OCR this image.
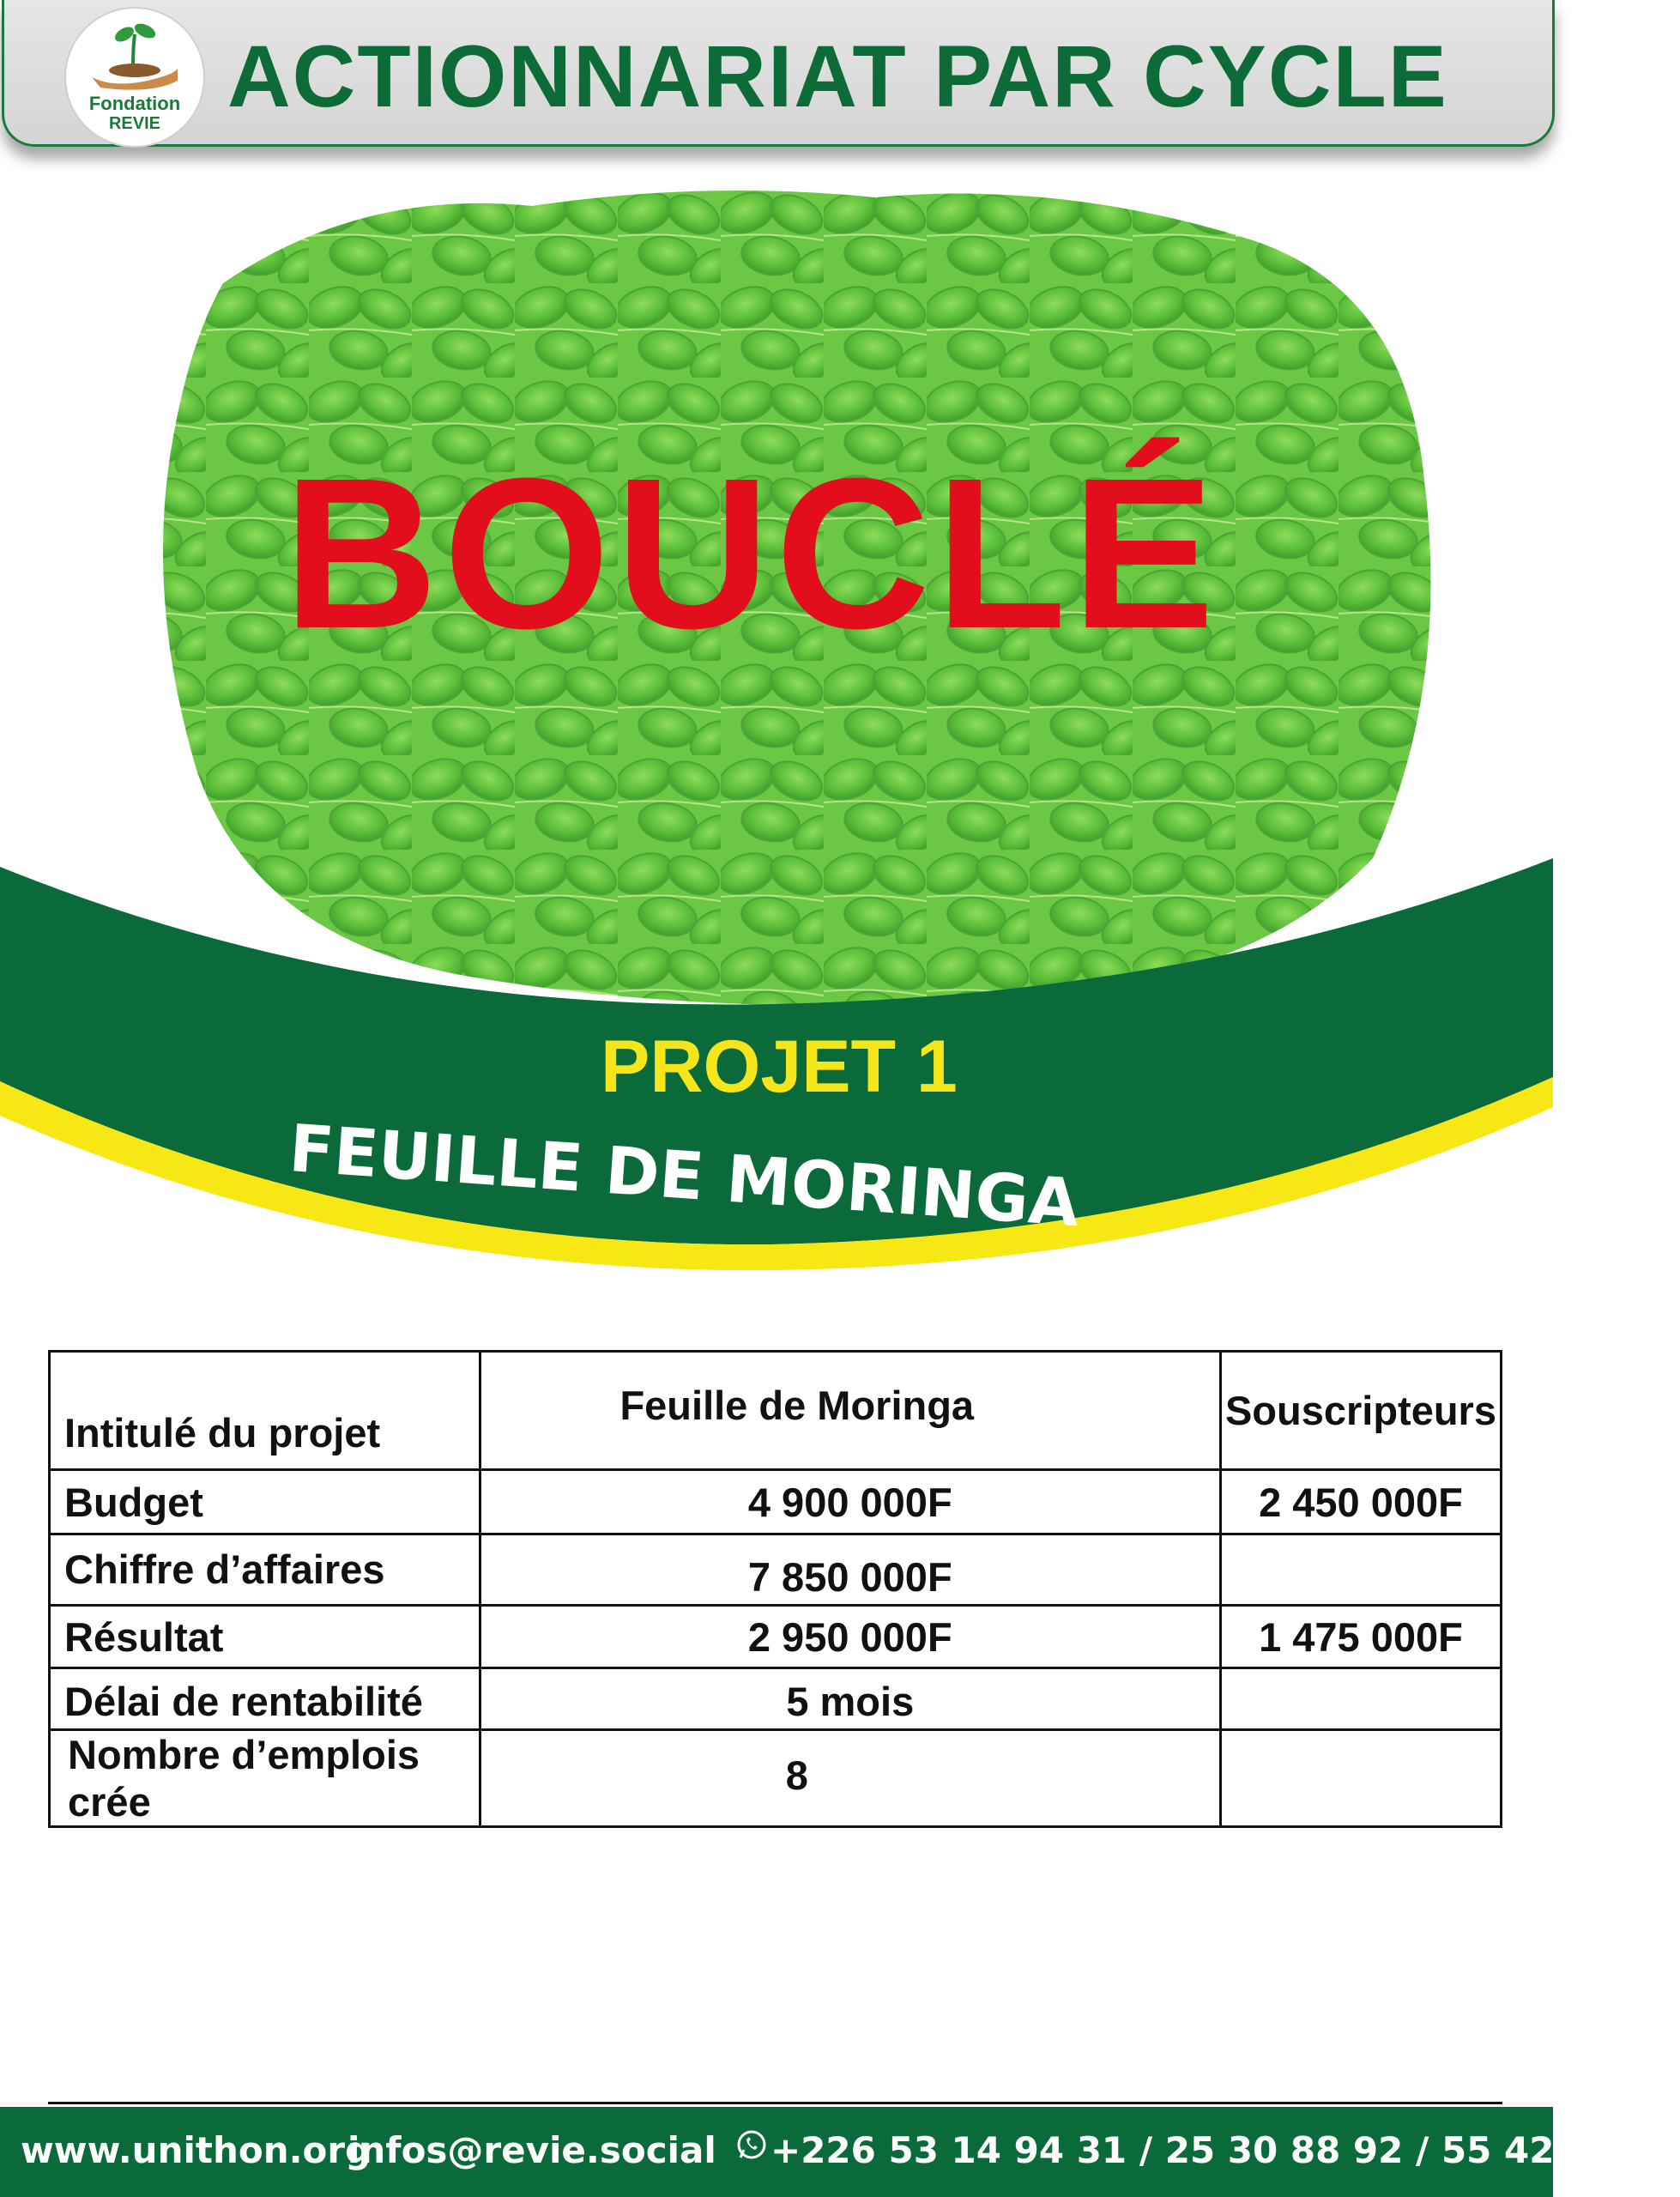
Fondation
REVIE ACTIONNARIAT PAR CYCLE
BOUCLÉ
PROJET 1
FEUILLE DE MORINGA
Intitulé du projet	Feuille de Moringa	Souscripteurs
Budget	4 900 000F	2 450 000F
Chiffre d’affaires	7 850 000F	
Résultat	2 950 000F	1 475 000F
Délai de rentabilité	5 mois	
Nombre d’emplois crée	8	
www.unithon.org
infos@revie.social +226 53 14 94 31 / 25 30 88 92 / 55 42 44 44
